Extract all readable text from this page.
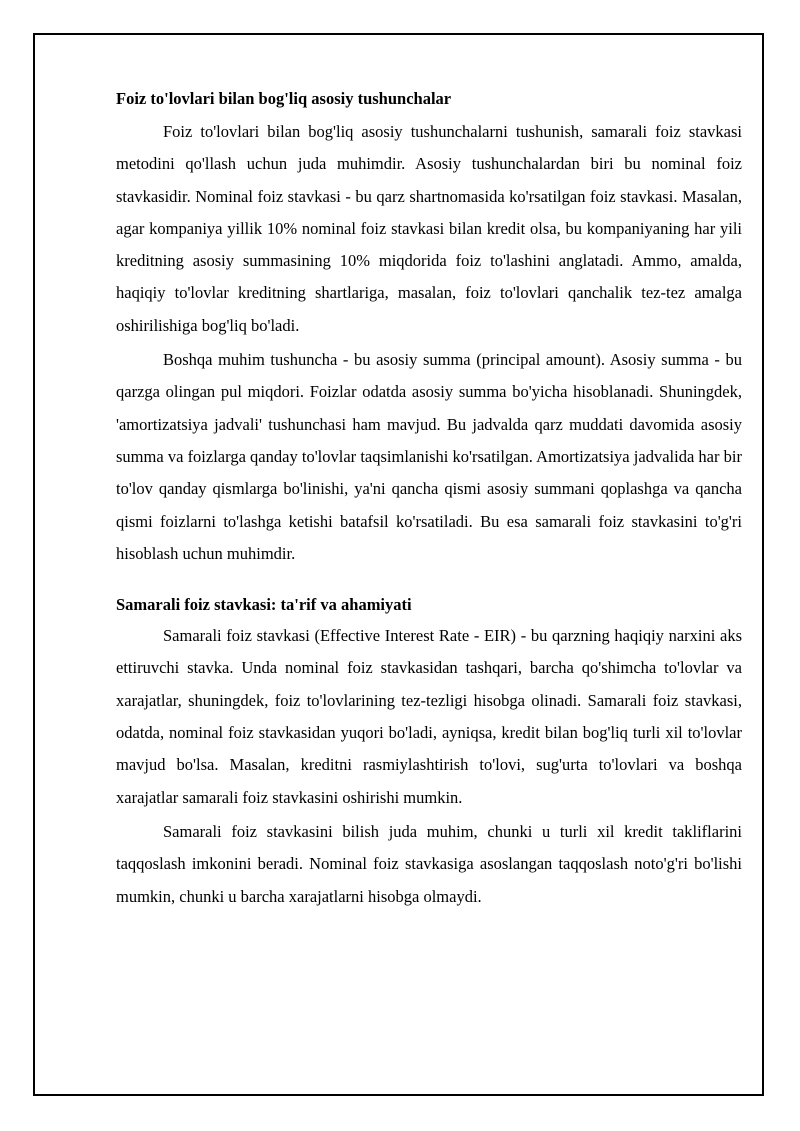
Foiz to'lovlari bilan bog'liq asosiy tushunchalar

Foiz to'lovlari bilan bog'liq asosiy tushunchalarni tushunish, samarali foiz stavkasi metodini qo'llash uchun juda muhimdir. Asosiy tushunchalardan biri bu nominal foiz stavkasidir. Nominal foiz stavkasi - bu qarz shartnomasida ko'rsatilgan foiz stavkasi. Masalan, agar kompaniya yillik 10% nominal foiz stavkasi bilan kredit olsa, bu kompaniyaning har yili kreditning asosiy summasining 10% miqdorida foiz to'lashini anglatadi. Ammo, amalda, haqiqiy to'lovlar kreditning shartlariga, masalan, foiz to'lovlari qanchalik tez-tez amalga oshirilishiga bog'liq bo'ladi.

Boshqa muhim tushuncha - bu asosiy summa (principal amount). Asosiy summa - bu qarzga olingan pul miqdori. Foizlar odatda asosiy summa bo'yicha hisoblanadi. Shuningdek, 'amortizatsiya jadvali' tushunchasi ham mavjud. Bu jadvalda qarz muddati davomida asosiy summa va foizlarga qanday to'lovlar taqsimlanishi ko'rsatilgan. Amortizatsiya jadvalida har bir to'lov qanday qismlarga bo'linishi, ya'ni qancha qismi asosiy summani qoplashga va qancha qismi foizlarni to'lashga ketishi batafsil ko'rsatiladi. Bu esa samarali foiz stavkasini to'g'ri hisoblash uchun muhimdir.

Samarali foiz stavkasi: ta'rif va ahamiyati

Samarali foiz stavkasi (Effective Interest Rate - EIR) - bu qarzning haqiqiy narxini aks ettiruvchi stavka. Unda nominal foiz stavkasidan tashqari, barcha qo'shimcha to'lovlar va xarajatlar, shuningdek, foiz to'lovlarining tez-tezligi hisobga olinadi. Samarali foiz stavkasi, odatda, nominal foiz stavkasidan yuqori bo'ladi, ayniqsa, kredit bilan bog'liq turli xil to'lovlar mavjud bo'lsa. Masalan, kreditni rasmiylashtirish to'lovi, sug'urta to'lovlari va boshqa xarajatlar samarali foiz stavkasini oshirishi mumkin.

Samarali foiz stavkasini bilish juda muhim, chunki u turli xil kredit takliflarini taqqoslash imkonini beradi. Nominal foiz stavkasiga asoslangan taqqoslash noto'g'ri bo'lishi mumkin, chunki u barcha xarajatlarni hisobga olmaydi.
